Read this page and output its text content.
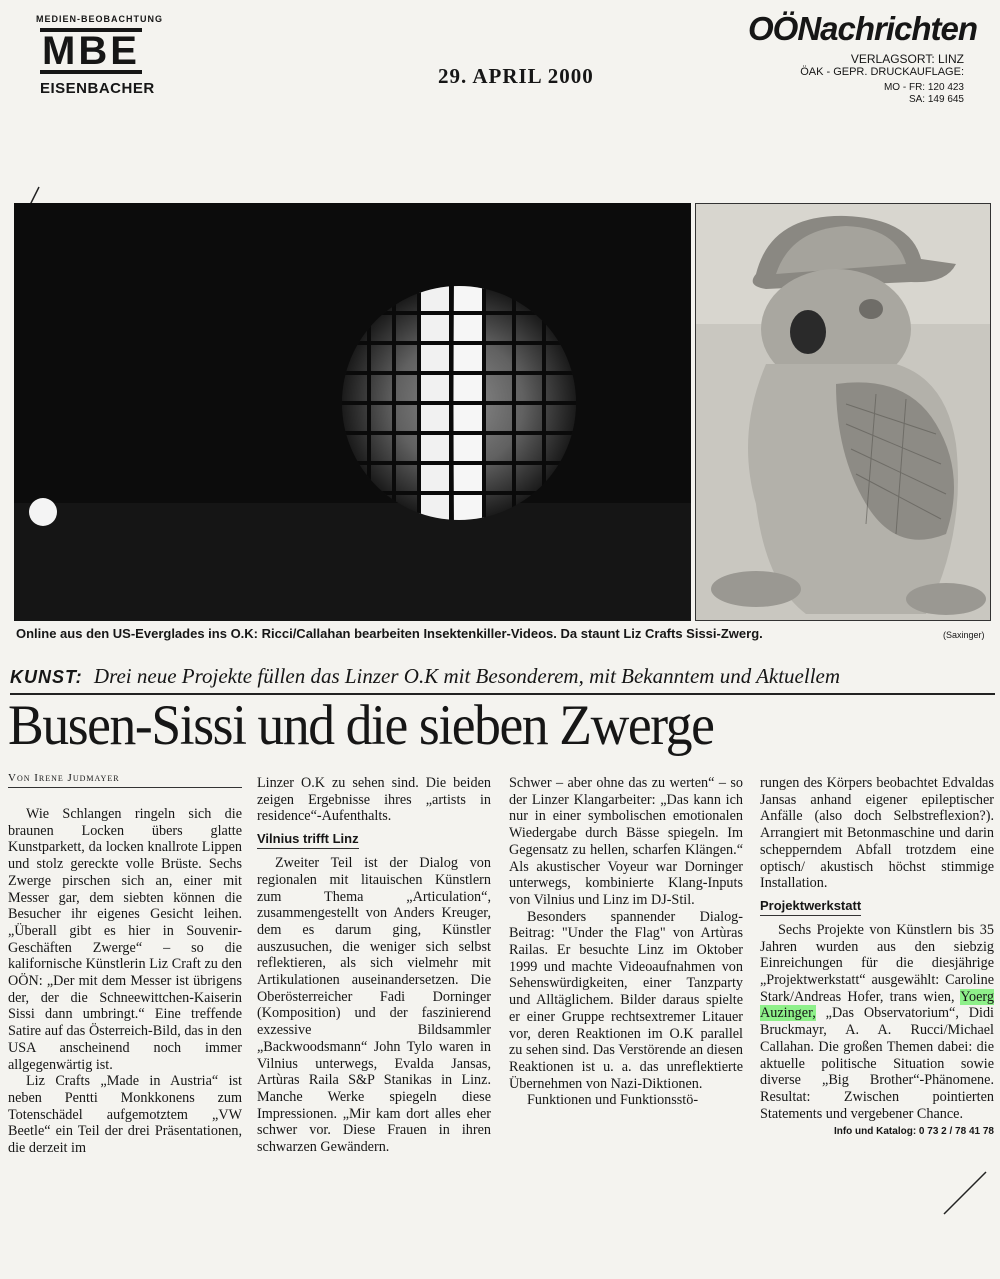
MEDIEN-BEOBACHTUNG
MBE
EISENBACHER
29. APRIL 2000
OÖNachrichten
VERLAGSORT: LINZ
ÖAK - GEPR. DRUCKAUFLAGE:
MO - FR: 120 423
SA: 149 645
Online aus den US-Everglades ins O.K: Ricci/Callahan bearbeiten Insektenkiller-Videos. Da staunt Liz Crafts Sissi-Zwerg.	(Saxinger)
KUNST: Drei neue Projekte füllen das Linzer O.K mit Besonderem, mit Bekanntem und Aktuellem
Busen-Sissi und die sieben Zwerge
Von Irene Judmayer

Wie Schlangen ringeln sich die braunen Locken übers glatte Kunstparkett, da locken knallrote Lippen und stolz gereckte volle Brüste. Sechs Zwerge pirschen sich an, einer mit Messer gar, dem siebten können die Besucher ihr eigenes Gesicht leihen. „Überall gibt es hier in Souvenir-Geschäften Zwerge“ – so die kalifornische Künstlerin Liz Craft zu den OÖN: „Der mit dem Messer ist übrigens der, der die Schneewittchen-Kaiserin Sissi dann umbringt.“ Eine treffende Satire auf das Österreich-Bild, das in den USA anscheinend noch immer allgegenwärtig ist.

Liz Crafts „Made in Austria“ ist neben Pentti Monkkonens zum Totenschädel aufgemotztem „VW Beetle“ ein Teil der drei Präsentationen, die derzeit im

Linzer O.K zu sehen sind. Die beiden zeigen Ergebnisse ihres „artists in residence“-Aufenthalts.

Vilnius trifft Linz

Zweiter Teil ist der Dialog von regionalen mit litauischen Künstlern zum Thema „Articulation“, zusammengestellt von Anders Kreuger, dem es darum ging, Künstler auszusuchen, die weniger sich selbst reflektieren, als sich vielmehr mit Artikulationen auseinandersetzen. Die Oberösterreicher Fadi Dorninger (Komposition) und der faszinierend exzessive Bildsammler „Backwoodsmann“ John Tylo waren in Vilnius unterwegs, Evalda Jansas, Artùras Raila S&P Stanikas in Linz. Manche Werke spiegeln diese Impressionen. „Mir kam dort alles eher schwer vor. Diese Frauen in ihren schwarzen Gewändern.

Schwer – aber ohne das zu werten“ – so der Linzer Klangarbeiter: „Das kann ich nur in einer symbolischen emotionalen Wiedergabe durch Bässe spiegeln. Im Gegensatz zu hellen, scharfen Klängen.“ Als akustischer Voyeur war Dorninger unterwegs, kombinierte Klang-Inputs von Vilnius und Linz im DJ-Stil.

Besonders spannender Dialog-Beitrag: "Under the Flag" von Artùras Railas. Er besuchte Linz im Oktober 1999 und machte Videoaufnahmen von Sehenswürdigkeiten, einer Tanzparty und Alltäglichem. Bilder daraus spielte er einer Gruppe rechtsextremer Litauer vor, deren Reaktionen im O.K parallel zu sehen sind. Das Verstörende an diesen Reaktionen ist u. a. das unreflektierte Übernehmen von Nazi-Diktionen.

Funktionen und Funktionsstö-

rungen des Körpers beobachtet Edvaldas Jansas anhand eigener epileptischer Anfälle (also doch Selbstreflexion?). Arrangiert mit Betonmaschine und darin schepperndem Abfall trotzdem eine optisch/ akustisch höchst stimmige Installation.

Projektwerkstatt

Sechs Projekte von Künstlern bis 35 Jahren wurden aus den siebzig Einreichungen für die diesjährige „Projektwerkstatt“ ausgewählt: Caroline Stark/Andreas Hofer, trans wien, Yoerg Auzinger, „Das Observatorium“, Didi Bruckmayr, A. A. Rucci/Michael Callahan. Die großen Themen dabei: die aktuelle politische Situation sowie diverse „Big Brother“-Phänomene. Resultat: Zwischen pointierten Statements und vergebener Chance.

Info und Katalog: 0 73 2 / 78 41 78
